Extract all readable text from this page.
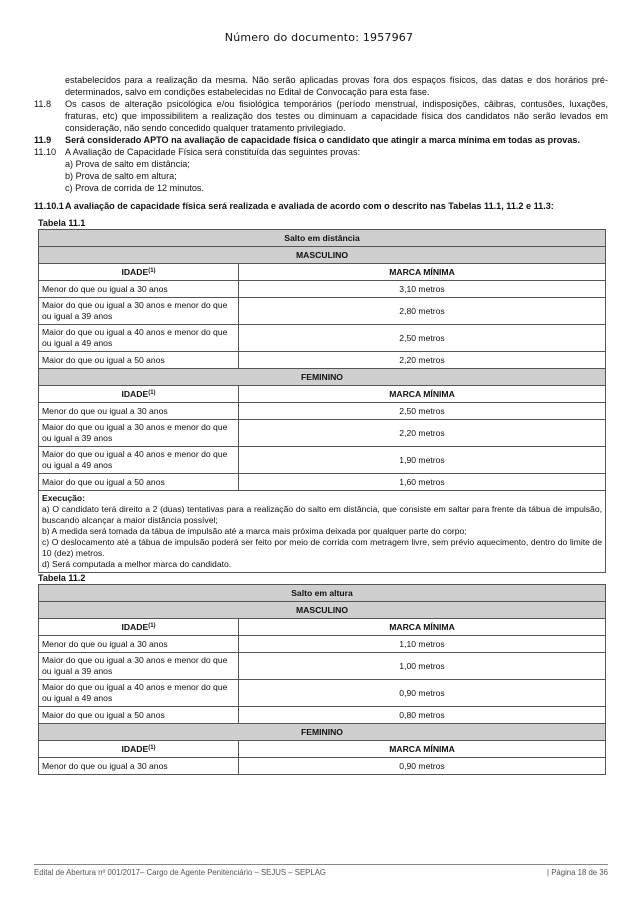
Número do documento: 1957967
estabelecidos para a realização da mesma. Não serão aplicadas provas fora dos espaços físicos, das datas e dos horários pré-determinados, salvo em condições estabelecidas no Edital de Convocação para esta fase.
11.8	Os casos de alteração psicológica e/ou fisiológica temporários (período menstrual, indisposições, câibras, contusões, luxações, fraturas, etc) que impossibilitem a realização dos testes ou diminuam a capacidade física dos candidatos não serão levados em consideração, não sendo concedido qualquer tratamento privilegiado.
11.9	Será considerado APTO na avaliação de capacidade física o candidato que atingir a marca mínima em todas as provas.
11.10 A Avaliação de Capacidade Física será constituída das seguintes provas:
a) Prova de salto em distância;
b) Prova de salto em altura;
c) Prova de corrida de 12 minutos.
11.10.1 A avaliação de capacidade física será realizada e avaliada de acordo com o descrito nas Tabelas 11.1, 11.2 e 11.3:
Tabela 11.1
Salto em distância	
MASCULINO	
IDADE$^{(1)}$	MARCA MÍNIMA
Menor do que ou igual a 30 anos	3,10 metros
Maior do que ou igual a 30 anos e menor do que ou igual a 39 anos	2,80 metros
Maior do que ou igual a 40 anos e menor do que ou igual a 49 anos	2,50 metros
Maior do que ou igual a 50 anos	2,20 metros
FEMININO	
IDADE$^{(1)}$	MARCA MÍNIMA
Menor do que ou igual a 30 anos	2,50 metros
Maior do que ou igual a 30 anos e menor do que ou igual a 39 anos	2,20 metros
Maior do que ou igual a 40 anos e menor do que ou igual a 49 anos	1,90 metros
Maior do que ou igual a 50 anos	1,60 metros

Execução:
a) O candidato terá direito a 2 (duas) tentativas para a realização do salto em distância, que consiste em saltar para frente da tábua de impulsão, buscando alcançar a maior distância possível;
b) A medida será tomada da tábua de impulsão até a marca mais próxima deixada por qualquer parte do corpo;
c) O deslocamento até a tábua de impulsão poderá ser feito por meio de corrida com metragem livre, sem prévio aquecimento, dentro do limite de 10 (dez) metros.
d) Será computada a melhor marca do candidato.	
Tabela 11.2
Salto em altura	
MASCULINO	
IDADE$^{(1)}$	MARCA MÍNIMA
Menor do que ou igual a 30 anos	1,10 metros
Maior do que ou igual a 30 anos e menor do que ou igual a 39 anos	1,00 metros
Maior do que ou igual a 40 anos e menor do que ou igual a 49 anos	0,90 metros
Maior do que ou igual a 50 anos	0,80 metros
FEMININO	
IDADE$^{(1)}$	MARCA MÍNIMA
Menor do que ou igual a 30 anos	0,90 metros
Edital de Abertura nº 001/2017– Cargo de Agente Penitenciário – SEJUS – SEPLAG	| Página 18 de 36
